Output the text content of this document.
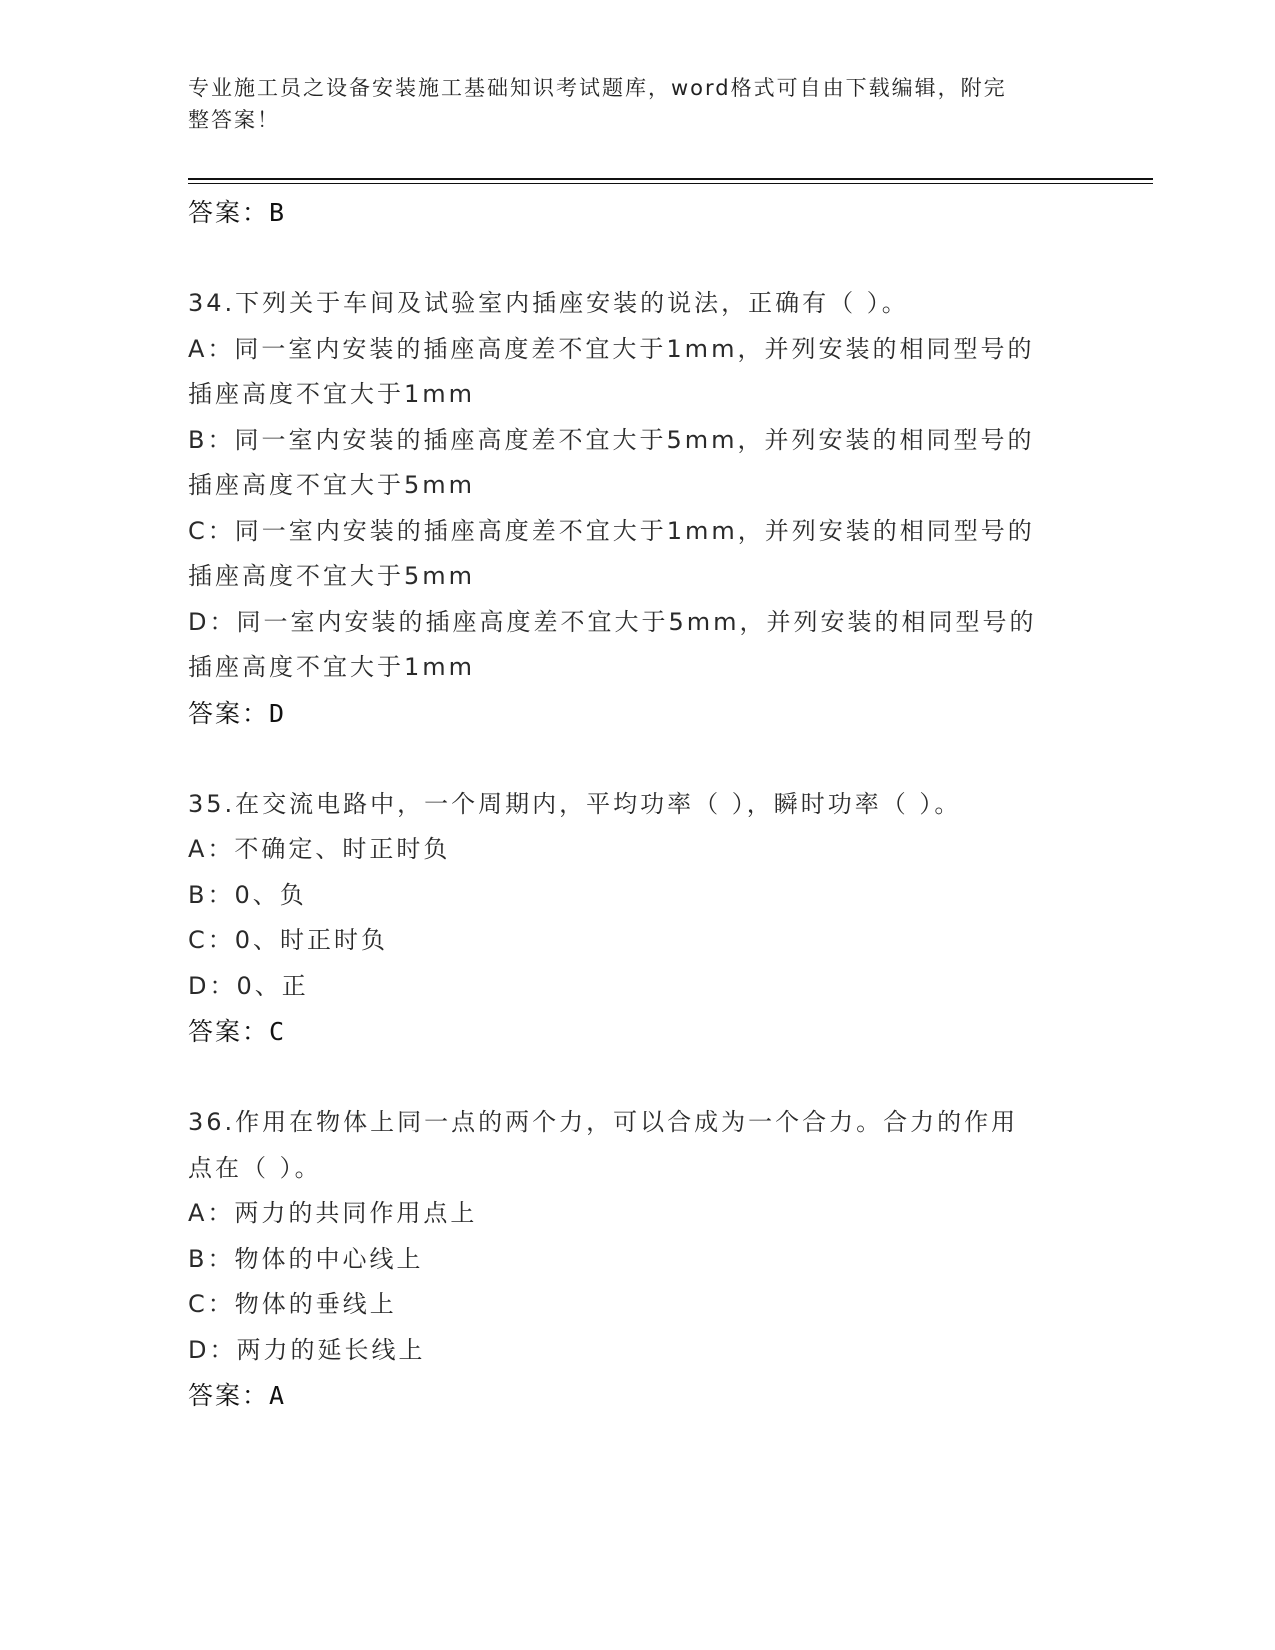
专业施工员之设备安装施工基础知识考试题库，word格式可自由下载编辑，附完
整答案！
答案：B
34.下列关于车间及试验室内插座安装的说法，正确有（ ）。
A：同一室内安装的插座高度差不宜大于1mm，并列安装的相同型号的
插座高度不宜大于1mm
B：同一室内安装的插座高度差不宜大于5mm，并列安装的相同型号的
插座高度不宜大于5mm
C：同一室内安装的插座高度差不宜大于1mm，并列安装的相同型号的
插座高度不宜大于5mm
D：同一室内安装的插座高度差不宜大于5mm，并列安装的相同型号的
插座高度不宜大于1mm
答案：D
35.在交流电路中，一个周期内，平均功率（ ），瞬时功率（ ）。
A：不确定、时正时负
B：0、负
C：0、时正时负
D：0、正
答案：C
36.作用在物体上同一点的两个力，可以合成为一个合力。合力的作用
点在（ ）。
A：两力的共同作用点上
B：物体的中心线上
C：物体的垂线上
D：两力的延长线上
答案：A
